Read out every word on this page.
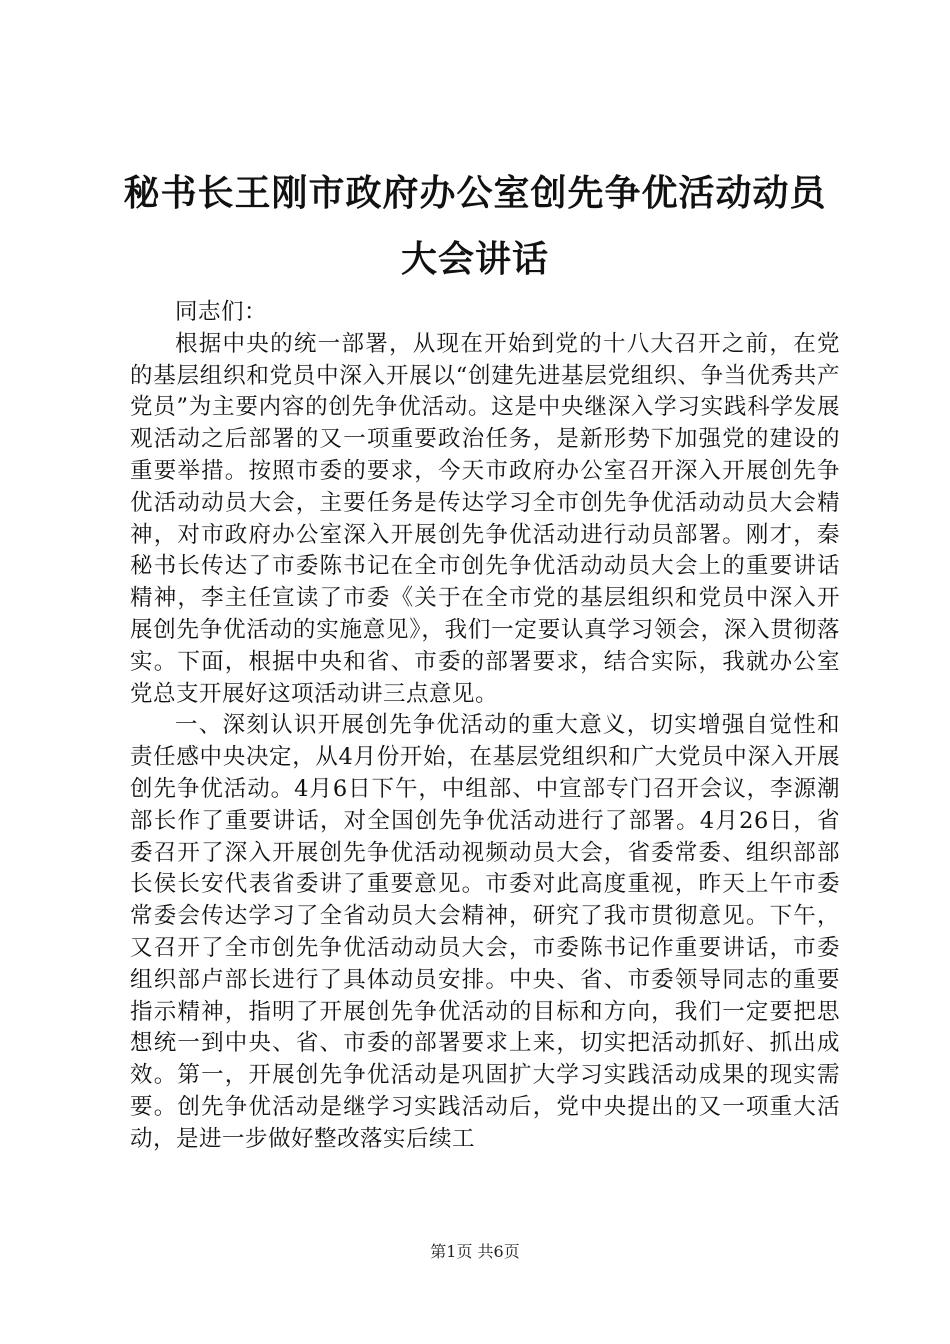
秘书长王刚市政府办公室创先争优活动动员大会讲话

同志们：

根据中央的统一部署，从现在开始到党的十八大召开之前，在党的基层组织和党员中深入开展以“创建先进基层党组织、争当优秀共产党员”为主要内容的创先争优活动。这是中央继深入学习实践科学发展观活动之后部署的又一项重要政治任务，是新形势下加强党的建设的重要举措。按照市委的要求，今天市政府办公室召开深入开展创先争优活动动员大会，主要任务是传达学习全市创先争优活动动员大会精神，对市政府办公室深入开展创先争优活动进行动员部署。刚才，秦秘书长传达了市委陈书记在全市创先争优活动动员大会上的重要讲话精神，李主任宣读了市委《关于在全市党的基层组织和党员中深入开展创先争优活动的实施意见》，我们一定要认真学习领会，深入贯彻落实。下面，根据中央和省、市委的部署要求，结合实际，我就办公室党总支开展好这项活动讲三点意见。

一、深刻认识开展创先争优活动的重大意义，切实增强自觉性和责任感中央决定，从4月份开始，在基层党组织和广大党员中深入开展创先争优活动。4月6日下午，中组部、中宣部专门召开会议，李源潮部长作了重要讲话，对全国创先争优活动进行了部署。4月26日，省委召开了深入开展创先争优活动视频动员大会，省委常委、组织部部长侯长安代表省委讲了重要意见。市委对此高度重视，昨天上午市委常委会传达学习了全省动员大会精神，研究了我市贯彻意见。下午，又召开了全市创先争优活动动员大会，市委陈书记作重要讲话，市委组织部卢部长进行了具体动员安排。中央、省、市委领导同志的重要指示精神，指明了开展创先争优活动的目标和方向，我们一定要把思想统一到中央、省、市委的部署要求上来，切实把活动抓好、抓出成效。第一，开展创先争优活动是巩固扩大学习实践活动成果的现实需要。创先争优活动是继学习实践活动后，党中央提出的又一项重大活动，是进一步做好整改落实后续工

第1页 共6页
